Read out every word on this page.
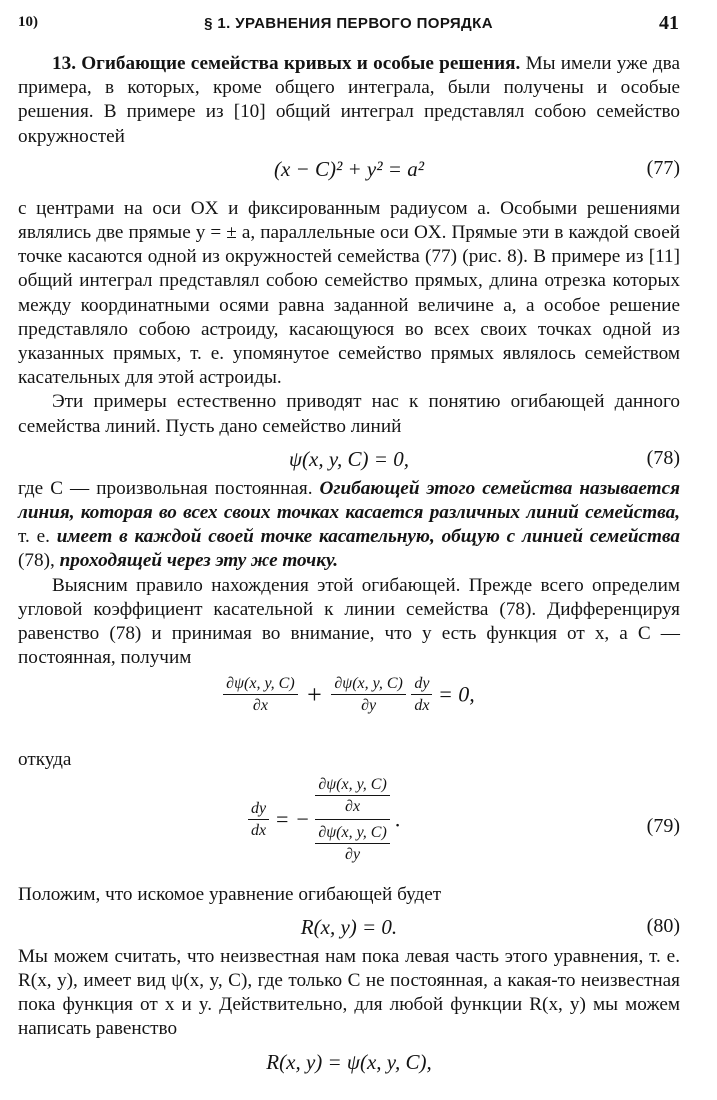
10)	§ 1. УРАВНЕНИЯ ПЕРВОГО ПОРЯДКА	41

13. Огибающие семейства кривых и особые решения. Мы имели уже два примера, в которых, кроме общего интеграла, были получены и особые решения. В примере из [10] общий интеграл представлял собою семейство окружностей

(x − C)² + y² = a²	(77)

с центрами на оси OX и фиксированным радиусом a. Особыми решениями являлись две прямые y = ± a, параллельные оси OX. Прямые эти в каждой своей точке касаются одной из окружностей семейства (77) (рис. 8). В примере из [11] общий интеграл представлял собою семейство прямых, длина отрезка которых между координатными осями равна заданной величине a, а особое решение представляло собою астроиду, касающуюся во всех своих точках одной из указанных прямых, т. е. упомянутое семейство прямых являлось семейством касательных для этой астроиды.

Эти примеры естественно приводят нас к понятию огибающей данного семейства линий. Пусть дано семейство линий

ψ(x, y, C) = 0,	(78)

где C — произвольная постоянная. Огибающей этого семейства называется линия, которая во всех своих точках касается различных линий семейства, т. е. имеет в каждой своей точке касательную, общую с линией семейства (78), проходящей через эту же точку.

Выясним правило нахождения этой огибающей. Прежде всего определим угловой коэффициент касательной к линии семейства (78). Дифференцируя равенство (78) и принимая во внимание, что y есть функция от x, а C — постоянная, получим

$\frac{\partial\psi(x, y, C)}{\partial x} + \frac{\partial\psi(x, y, C)}{\partial y}$
$\frac{dy}{dx} = 0$,

откуда

$\frac{dy}{dx}$ = − $\frac{\frac{\partial\psi(x, y, C)}{\partial x}}{\frac{\partial\psi(x, y, C)}{\partial y}}$ .	(79)

Положим, что искомое уравнение огибающей будет

R(x, y) = 0.	(80)

Мы можем считать, что неизвестная нам пока левая часть этого уравнения, т. е. R(x, y), имеет вид ψ(x, y, C), где только C не постоянная, а какая-то неизвестная пока функция от x и y. Действительно, для любой функции R(x, y) мы можем написать равенство

R(x, y) = ψ(x, y, C),
